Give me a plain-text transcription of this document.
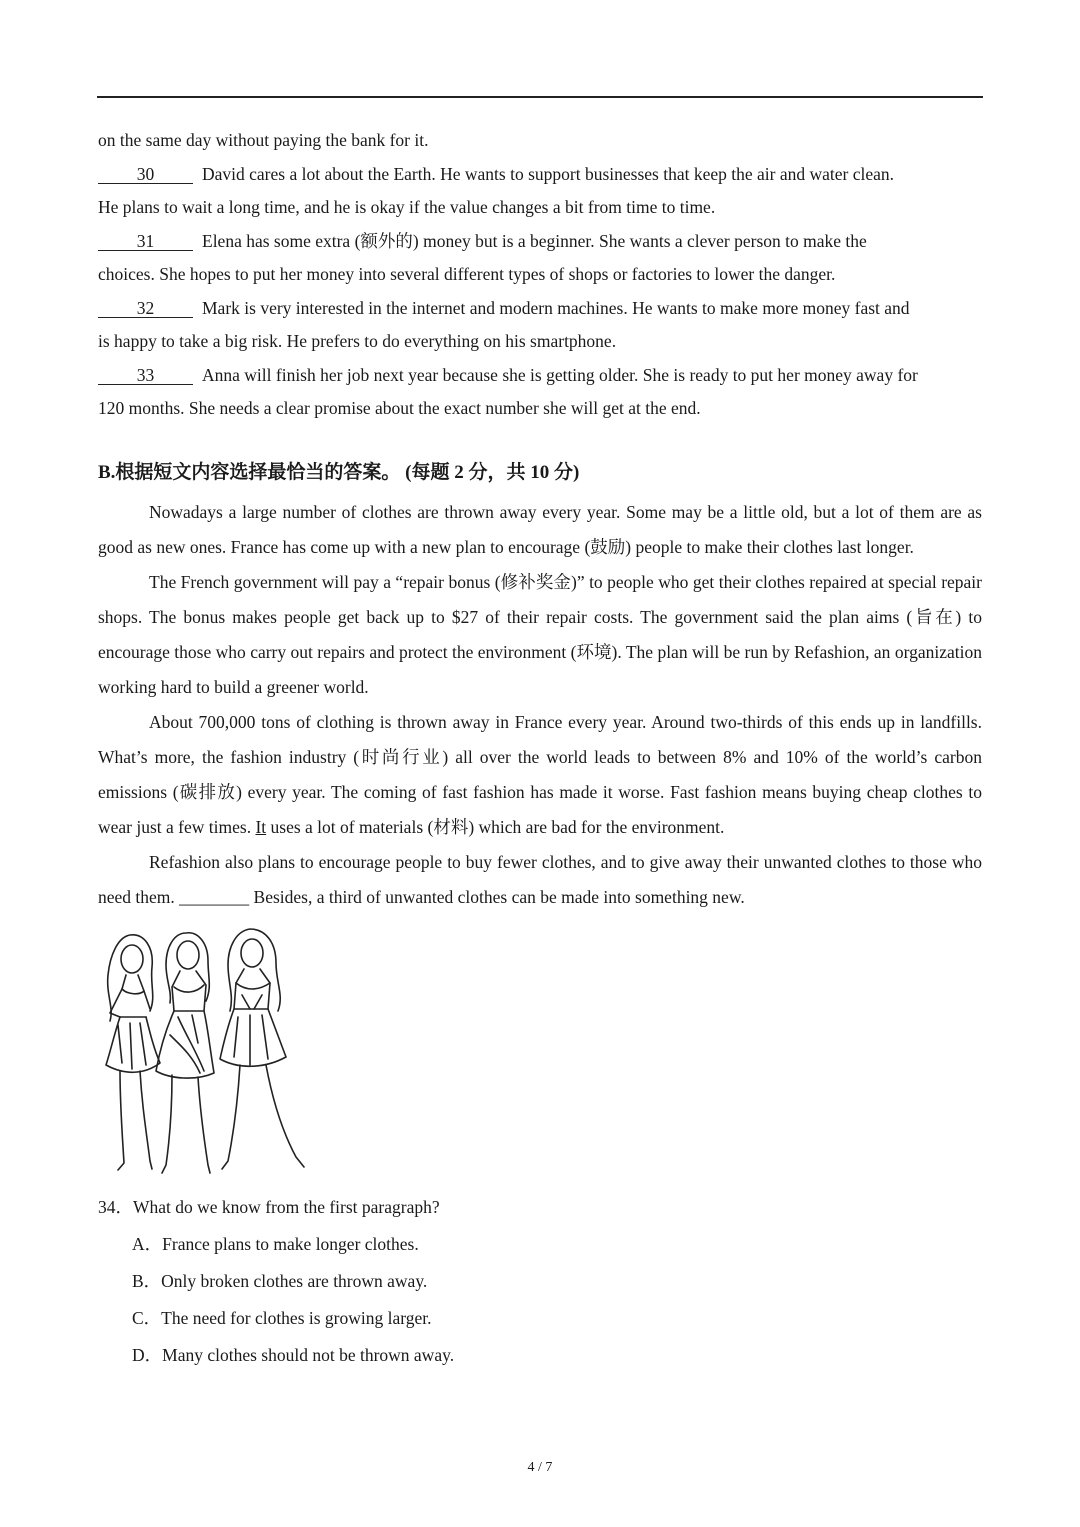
on the same day without paying the bank for it.
30	David cares a lot about the Earth. He wants to support businesses that keep the air and water clean.
He plans to wait a long time, and he is okay if the value changes a bit from time to time.
31	Elena has some extra (额外的) money but is a beginner. She wants a clever person to make the
choices. She hopes to put her money into several different types of shops or factories to lower the danger.
32	Mark is very interested in the internet and modern machines. He wants to make more money fast and
is happy to take a big risk. He prefers to do everything on his smartphone.
33	Anna will finish her job next year because she is getting older. She is ready to put her money away for
120 months. She needs a clear promise about the exact number she will get at the end.
B.根据短文内容选择最恰当的答案。 (每题 2 分，共 10 分)

Nowadays a large number of clothes are thrown away every year. Some may be a little old, but a lot of them are as good as new ones. France has come up with a new plan to encourage (鼓励) people to make their clothes last longer.

The French government will pay a “repair bonus (修补奖金)” to people who get their clothes repaired at special repair shops. The bonus makes people get back up to $27 of their repair costs. The government said the plan aims (旨在) to encourage those who carry out repairs and protect the environment (环境). The plan will be run by Refashion, an organization working hard to build a greener world.

About 700,000 tons of clothing is thrown away in France every year. Around two-thirds of this ends up in landfills. What’s more, the fashion industry (时尚行业) all over the world leads to between 8% and 10% of the world’s carbon emissions (碳排放) every year. The coming of fast fashion has made it worse. Fast fashion means buying cheap clothes to wear just a few times. It uses a lot of materials (材料) which are bad for the environment.

Refashion also plans to encourage people to buy fewer clothes, and to give away their unwanted clothes to those who need them. ________ Besides, a third of unwanted clothes can be made into something new.

34．What do we know from the first paragraph?
A．France plans to make longer clothes.
B．Only broken clothes are thrown away.
C．The need for clothes is growing larger.
D．Many clothes should not be thrown away.
4 / 7
